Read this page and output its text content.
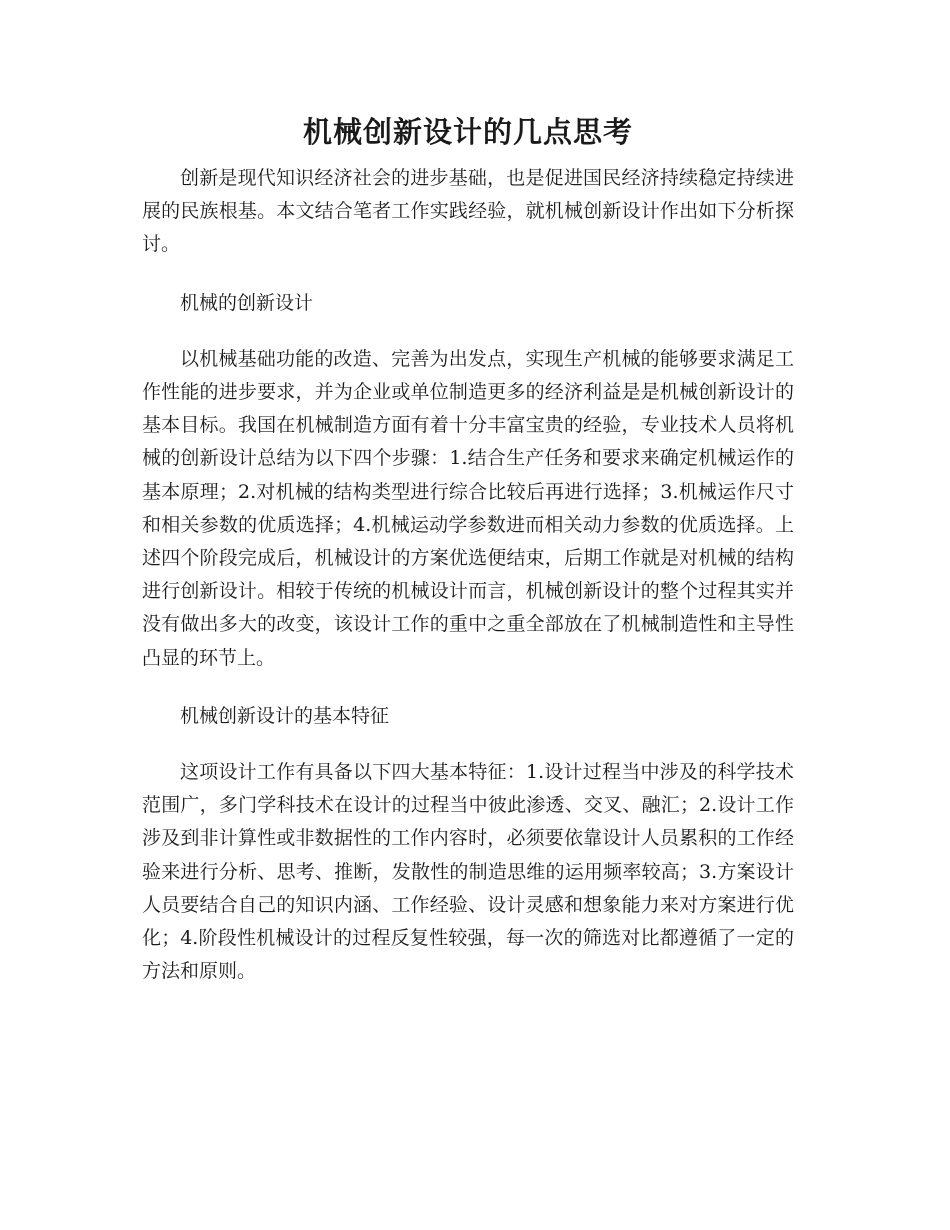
机械创新设计的几点思考

创新是现代知识经济社会的进步基础，也是促进国民经济持续稳定持续进展的民族根基。本文结合笔者工作实践经验，就机械创新设计作出如下分析探讨。

机械的创新设计

以机械基础功能的改造、完善为出发点，实现生产机械的能够要求满足工作性能的进步要求，并为企业或单位制造更多的经济利益是是机械创新设计的基本目标。我国在机械制造方面有着十分丰富宝贵的经验，专业技术人员将机械的创新设计总结为以下四个步骤：1.结合生产任务和要求来确定机械运作的基本原理；2.对机械的结构类型进行综合比较后再进行选择；3.机械运作尺寸和相关参数的优质选择；4.机械运动学参数进而相关动力参数的优质选择。上述四个阶段完成后，机械设计的方案优选便结束，后期工作就是对机械的结构进行创新设计。相较于传统的机械设计而言，机械创新设计的整个过程其实并没有做出多大的改变，该设计工作的重中之重全部放在了机械制造性和主导性凸显的环节上。

机械创新设计的基本特征

这项设计工作有具备以下四大基本特征：1.设计过程当中涉及的科学技术范围广，多门学科技术在设计的过程当中彼此渗透、交叉、融汇；2.设计工作涉及到非计算性或非数据性的工作内容时，必须要依靠设计人员累积的工作经验来进行分析、思考、推断，发散性的制造思维的运用频率较高；3.方案设计人员要结合自己的知识内涵、工作经验、设计灵感和想象能力来对方案进行优化；4.阶段性机械设计的过程反复性较强，每一次的筛选对比都遵循了一定的方法和原则。
